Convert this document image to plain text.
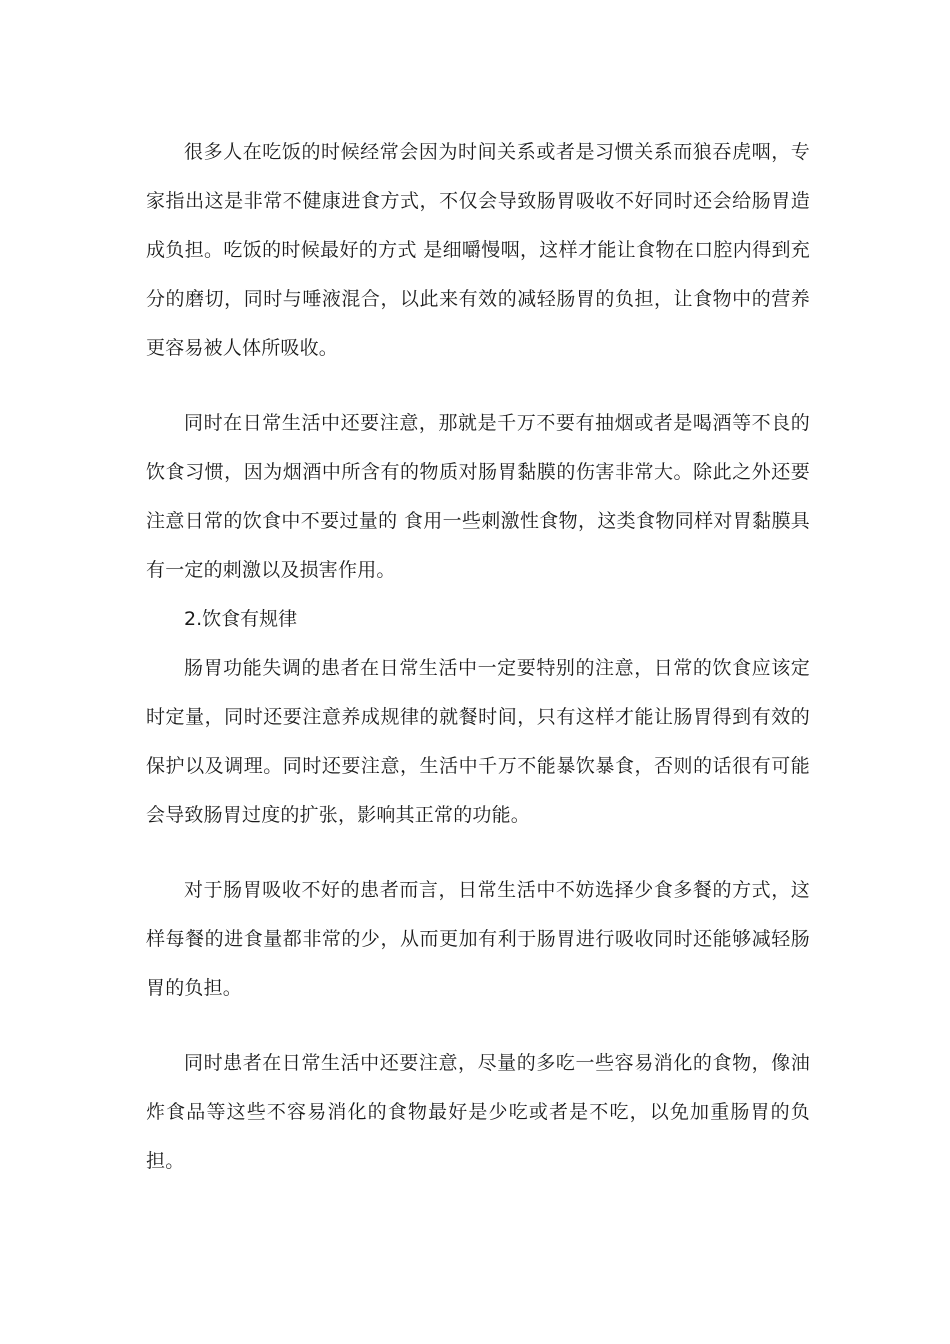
很多人在吃饭的时候经常会因为时间关系或者是习惯关系而狼吞虎咽，专家指出这是非常不健康进食方式，不仅会导致肠胃吸收不好同时还会给肠胃造成负担。吃饭的时候最好的方式 是细嚼慢咽，这样才能让食物在口腔内得到充分的磨切，同时与唾液混合，以此来有效的减轻肠胃的负担，让食物中的营养更容易被人体所吸收。

同时在日常生活中还要注意，那就是千万不要有抽烟或者是喝酒等不良的饮食习惯，因为烟酒中所含有的物质对肠胃黏膜的伤害非常大。除此之外还要注意日常的饮食中不要过量的 食用一些刺激性食物，这类食物同样对胃黏膜具有一定的刺激以及损害作用。

2.饮食有规律

肠胃功能失调的患者在日常生活中一定要特别的注意，日常的饮食应该定时定量，同时还要注意养成规律的就餐时间，只有这样才能让肠胃得到有效的保护以及调理。同时还要注意，生活中千万不能暴饮暴食，否则的话很有可能会导致肠胃过度的扩张，影响其正常的功能。

对于肠胃吸收不好的患者而言，日常生活中不妨选择少食多餐的方式，这样每餐的进食量都非常的少，从而更加有利于肠胃进行吸收同时还能够减轻肠胃的负担。

同时患者在日常生活中还要注意，尽量的多吃一些容易消化的食物，像油炸食品等这些不容易消化的食物最好是少吃或者是不吃，以免加重肠胃的负担。
